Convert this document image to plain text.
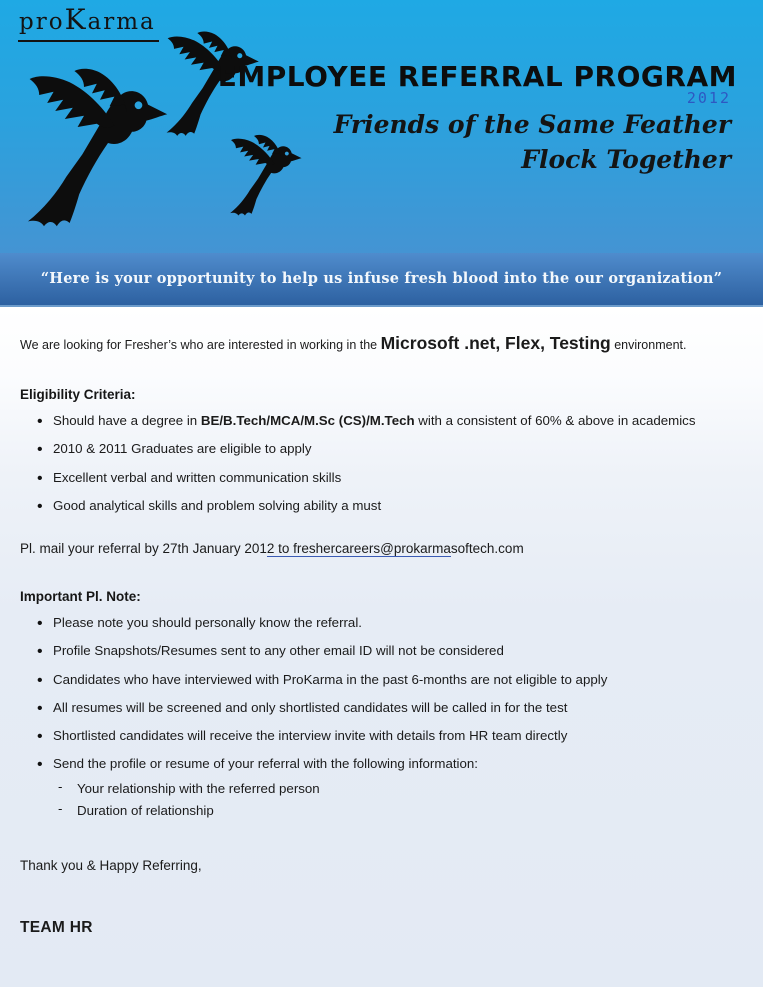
proKarma
EMPLOYEE REFERRAL PROGRAM
2012
Friends of the Same Feather
Flock Together
“Here is your opportunity to help us infuse fresh blood into the our organization”

We are looking for Fresher’s who are interested in working in the Microsoft .net, Flex, Testing environment.

Eligibility Criteria:
• Should have a degree in BE/B.Tech/MCA/M.Sc (CS)/M.Tech with a consistent of 60% & above in academics
• 2010 & 2011 Graduates are eligible to apply
• Excellent verbal and written communication skills
• Good analytical skills and problem solving ability a must

Pl. mail your referral by 27th January 2012 to freshercareers@prokarmasoftech.com

Important Pl. Note:
• Please note you should personally know the referral.
• Profile Snapshots/Resumes sent to any other email ID will not be considered
• Candidates who have interviewed with ProKarma in the past 6-months are not eligible to apply
• All resumes will be screened and only shortlisted candidates will be called in for the test
• Shortlisted candidates will receive the interview invite with details from HR team directly
• Send the profile or resume of your referral with the following information:
- Your relationship with the referred person
- Duration of relationship

Thank you & Happy Referring,

TEAM HR
